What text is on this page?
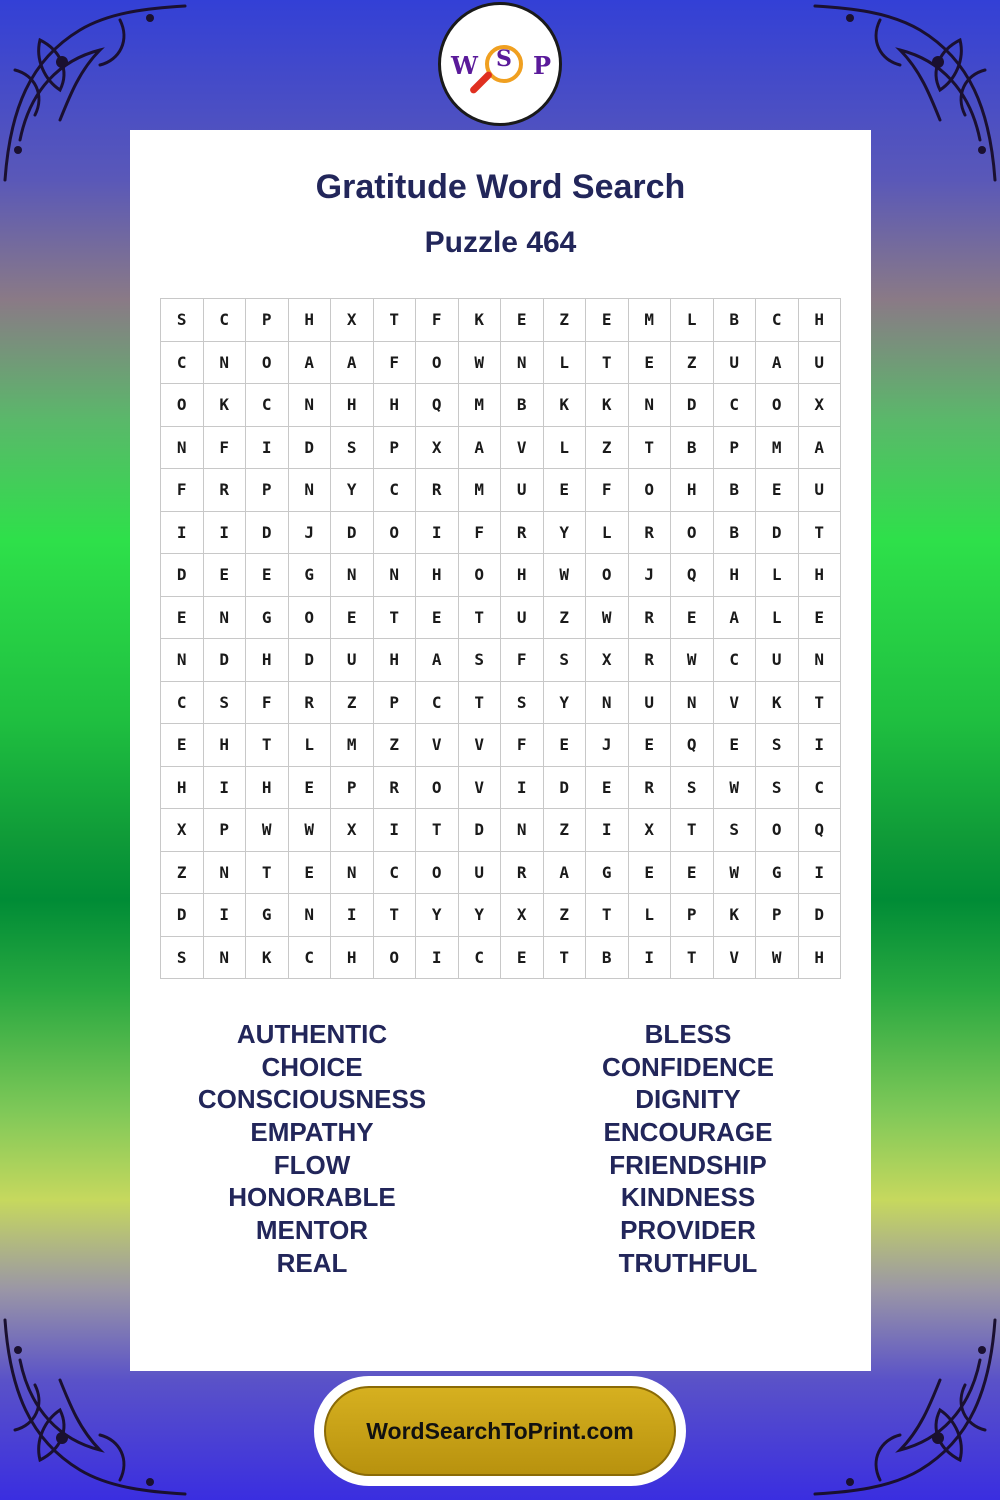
W S P
Gratitude Word Search
Puzzle 464
S	C	P	H	X	T	F	K	E	Z	E	M	L	B	C	H
C	N	O	A	A	F	O	W	N	L	T	E	Z	U	A	U
O	K	C	N	H	H	Q	M	B	K	K	N	D	C	O	X
N	F	I	D	S	P	X	A	V	L	Z	T	B	P	M	A
F	R	P	N	Y	C	R	M	U	E	F	O	H	B	E	U
I	I	D	J	D	O	I	F	R	Y	L	R	O	B	D	T
D	E	E	G	N	N	H	O	H	W	O	J	Q	H	L	H
E	N	G	O	E	T	E	T	U	Z	W	R	E	A	L	E
N	D	H	D	U	H	A	S	F	S	X	R	W	C	U	N
C	S	F	R	Z	P	C	T	S	Y	N	U	N	V	K	T
E	H	T	L	M	Z	V	V	F	E	J	E	Q	E	S	I
H	I	H	E	P	R	O	V	I	D	E	R	S	W	S	C
X	P	W	W	X	I	T	D	N	Z	I	X	T	S	O	Q
Z	N	T	E	N	C	O	U	R	A	G	E	E	W	G	I
D	I	G	N	I	T	Y	Y	X	Z	T	L	P	K	P	D
S	N	K	C	H	O	I	C	E	T	B	I	T	V	W	H
AUTHENTIC
CHOICE
CONSCIOUSNESS
EMPATHY
FLOW
HONORABLE
MENTOR
REAL
BLESS
CONFIDENCE
DIGNITY
ENCOURAGE
FRIENDSHIP
KINDNESS
PROVIDER
TRUTHFUL
WordSearchToPrint.com
